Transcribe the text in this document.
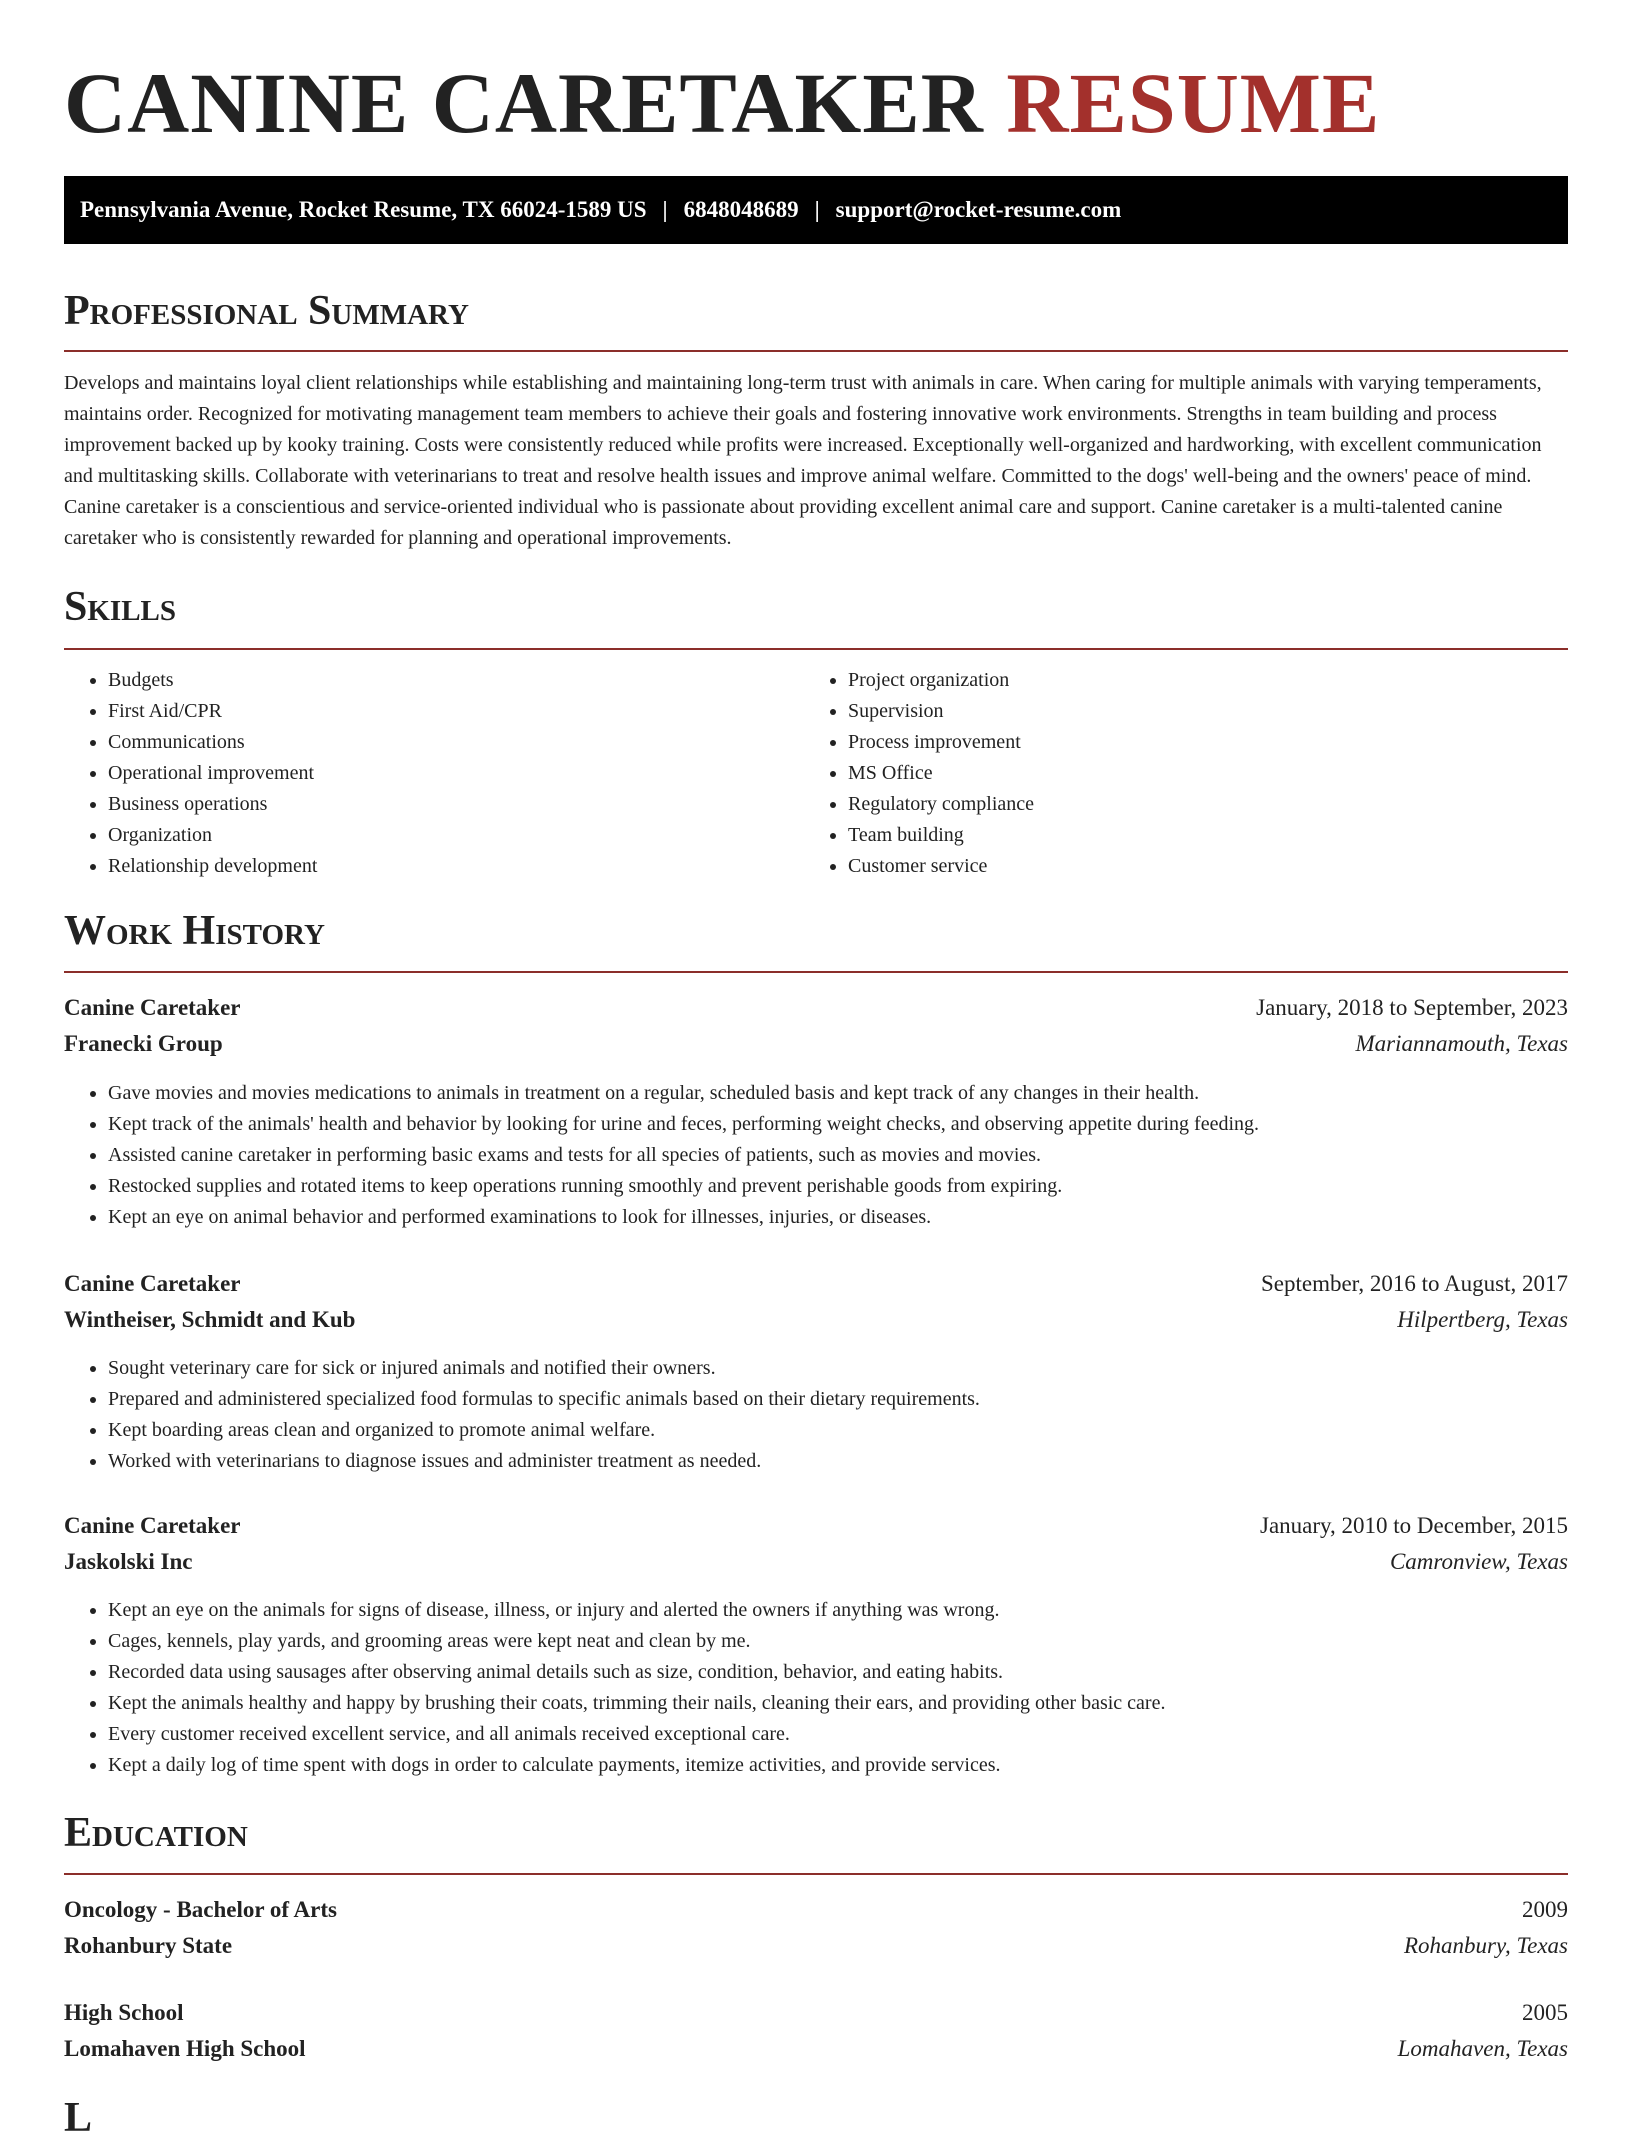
CANINE CARETAKER RESUME
Pennsylvania Avenue, Rocket Resume, TX 66024-1589 US | 6848048689 | support@rocket-resume.com
Professional Summary

Develops and maintains loyal client relationships while establishing and maintaining long-term trust with animals in care. When caring for multiple animals with varying temperaments, maintains order. Recognized for motivating management team members to achieve their goals and fostering innovative work environments. Strengths in team building and process improvement backed up by kooky training. Costs were consistently reduced while profits were increased. Exceptionally well-organized and hardworking, with excellent communication and multitasking skills. Collaborate with veterinarians to treat and resolve health issues and improve animal welfare. Committed to the dogs' well-being and the owners' peace of mind. Canine caretaker is a conscientious and service-oriented individual who is passionate about providing excellent animal care and support. Canine caretaker is a multi-talented canine caretaker who is consistently rewarded for planning and operational improvements.

Skills
• Budgets
• First Aid/CPR
• Communications
• Operational improvement
• Business operations
• Organization
• Relationship development
• Project organization
• Supervision
• Process improvement
• MS Office
• Regulatory compliance
• Team building
• Customer service
Work History
Canine Caretaker	January, 2018 to September, 2023
Franecki Group	Mariannamouth, Texas
• Gave movies and movies medications to animals in treatment on a regular, scheduled basis and kept track of any changes in their health.
• Kept track of the animals' health and behavior by looking for urine and feces, performing weight checks, and observing appetite during feeding.
• Assisted canine caretaker in performing basic exams and tests for all species of patients, such as movies and movies.
• Restocked supplies and rotated items to keep operations running smoothly and prevent perishable goods from expiring.
• Kept an eye on animal behavior and performed examinations to look for illnesses, injuries, or diseases.
Canine Caretaker	September, 2016 to August, 2017
Wintheiser, Schmidt and Kub	Hilpertberg, Texas
• Sought veterinary care for sick or injured animals and notified their owners.
• Prepared and administered specialized food formulas to specific animals based on their dietary requirements.
• Kept boarding areas clean and organized to promote animal welfare.
• Worked with veterinarians to diagnose issues and administer treatment as needed.
Canine Caretaker	January, 2010 to December, 2015
Jaskolski Inc	Camronview, Texas
• Kept an eye on the animals for signs of disease, illness, or injury and alerted the owners if anything was wrong.
• Cages, kennels, play yards, and grooming areas were kept neat and clean by me.
• Recorded data using sausages after observing animal details such as size, condition, behavior, and eating habits.
• Kept the animals healthy and happy by brushing their coats, trimming their nails, cleaning their ears, and providing other basic care.
• Every customer received excellent service, and all animals received exceptional care.
• Kept a daily log of time spent with dogs in order to calculate payments, itemize activities, and provide services.
Education
Oncology - Bachelor of Arts	2009
Rohanbury State	Rohanbury, Texas
High School	2005
Lomahaven High School	Lomahaven, Texas
L
